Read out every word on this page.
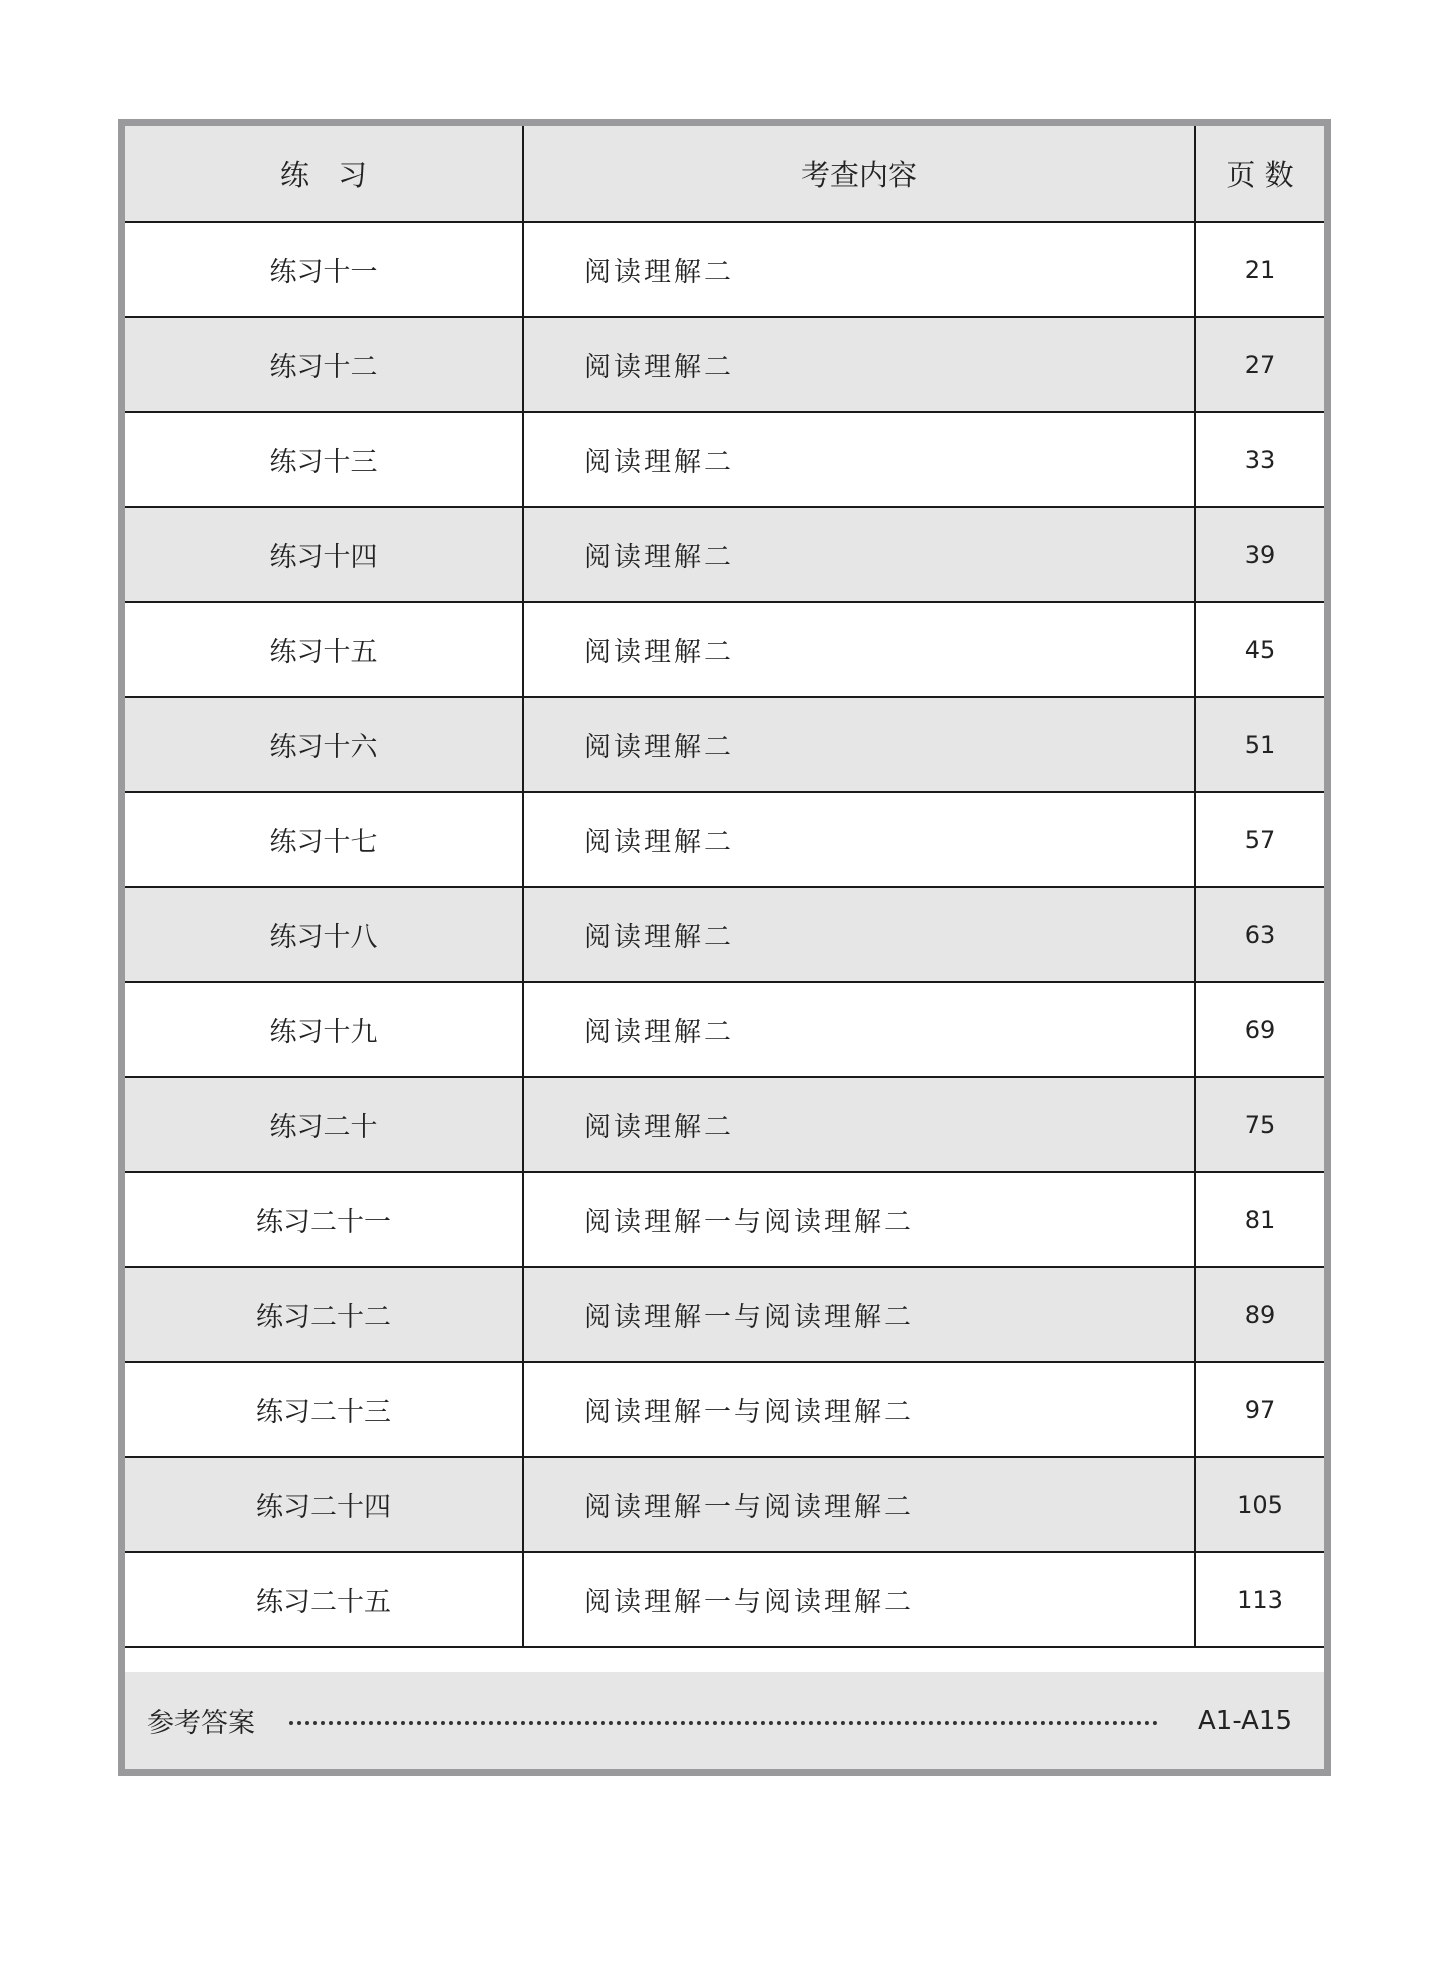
练　习	考查内容	页 数
练习十一	阅读理解二	21
练习十二	阅读理解二	27
练习十三	阅读理解二	33
练习十四	阅读理解二	39
练习十五	阅读理解二	45
练习十六	阅读理解二	51
练习十七	阅读理解二	57
练习十八	阅读理解二	63
练习十九	阅读理解二	69
练习二十	阅读理解二	75
练习二十一	阅读理解一与阅读理解二	81
练习二十二	阅读理解一与阅读理解二	89
练习二十三	阅读理解一与阅读理解二	97
练习二十四	阅读理解一与阅读理解二	105
练习二十五	阅读理解一与阅读理解二	113
参考答案	A1-A15
